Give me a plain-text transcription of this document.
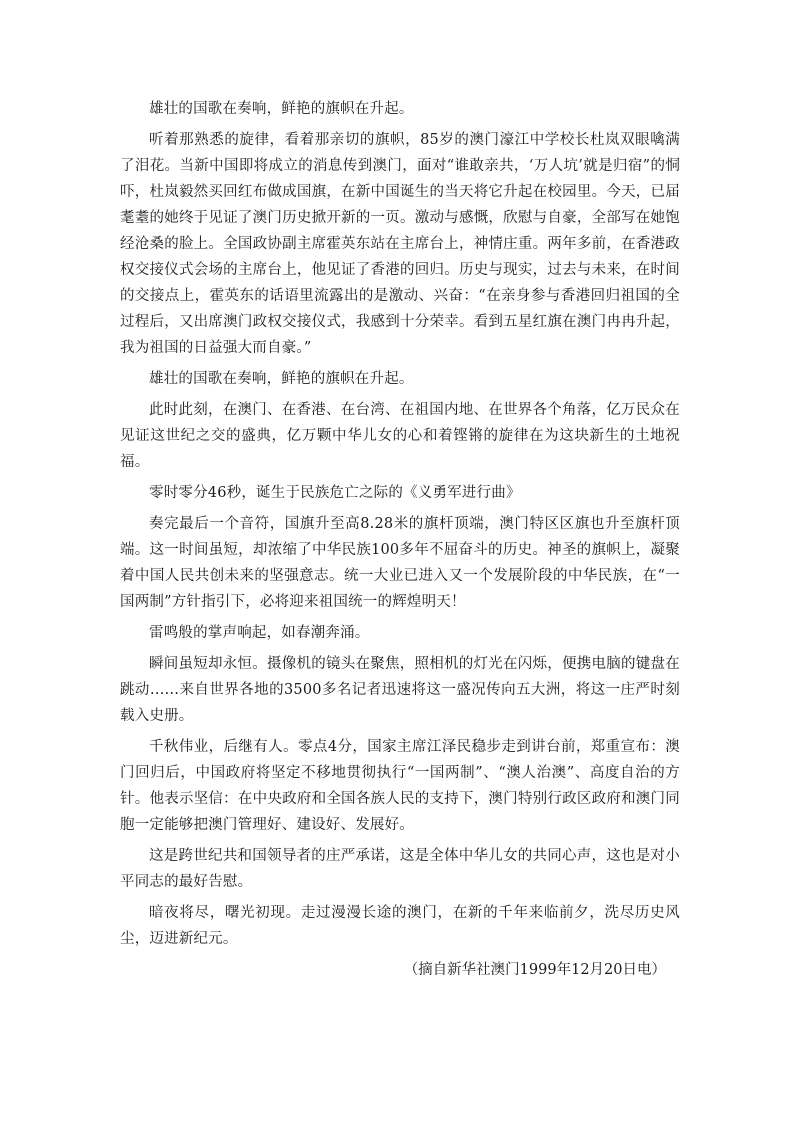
雄壮的国歌在奏响，鲜艳的旗帜在升起。

听着那熟悉的旋律，看着那亲切的旗帜，85岁的澳门濠江中学校长杜岚双眼噙满了泪花。当新中国即将成立的消息传到澳门，面对“谁敢亲共，‘万人坑’就是归宿”的恫吓，杜岚毅然买回红布做成国旗，在新中国诞生的当天将它升起在校园里。今天，已届耄耋的她终于见证了澳门历史掀开新的一页。激动与感慨，欣慰与自豪，全部写在她饱经沧桑的脸上。全国政协副主席霍英东站在主席台上，神情庄重。两年多前，在香港政权交接仪式会场的主席台上，他见证了香港的回归。历史与现实，过去与未来，在时间的交接点上，霍英东的话语里流露出的是激动、兴奋：“在亲身参与香港回归祖国的全过程后，又出席澳门政权交接仪式，我感到十分荣幸。看到五星红旗在澳门冉冉升起，我为祖国的日益强大而自豪。”

雄壮的国歌在奏响，鲜艳的旗帜在升起。

此时此刻，在澳门、在香港、在台湾、在祖国内地、在世界各个角落，亿万民众在见证这世纪之交的盛典，亿万颗中华儿女的心和着铿锵的旋律在为这块新生的土地祝福。

零时零分46秒，诞生于民族危亡之际的《义勇军进行曲》

奏完最后一个音符，国旗升至高8.28米的旗杆顶端，澳门特区区旗也升至旗杆顶端。这一时间虽短，却浓缩了中华民族100多年不屈奋斗的历史。神圣的旗帜上，凝聚着中国人民共创未来的坚强意志。统一大业已进入又一个发展阶段的中华民族，在“一国两制”方针指引下，必将迎来祖国统一的辉煌明天！

雷鸣般的掌声响起，如春潮奔涌。

瞬间虽短却永恒。摄像机的镜头在聚焦，照相机的灯光在闪烁，便携电脑的键盘在跳动……来自世界各地的3500多名记者迅速将这一盛况传向五大洲，将这一庄严时刻载入史册。

千秋伟业，后继有人。零点4分，国家主席江泽民稳步走到讲台前，郑重宣布：澳门回归后，中国政府将坚定不移地贯彻执行“一国两制”、“澳人治澳”、高度自治的方针。他表示坚信：在中央政府和全国各族人民的支持下，澳门特别行政区政府和澳门同胞一定能够把澳门管理好、建设好、发展好。

这是跨世纪共和国领导者的庄严承诺，这是全体中华儿女的共同心声，这也是对小平同志的最好告慰。

暗夜将尽，曙光初现。走过漫漫长途的澳门，在新的千年来临前夕，洗尽历史风尘，迈进新纪元。

（摘自新华社澳门1999年12月20日电）
